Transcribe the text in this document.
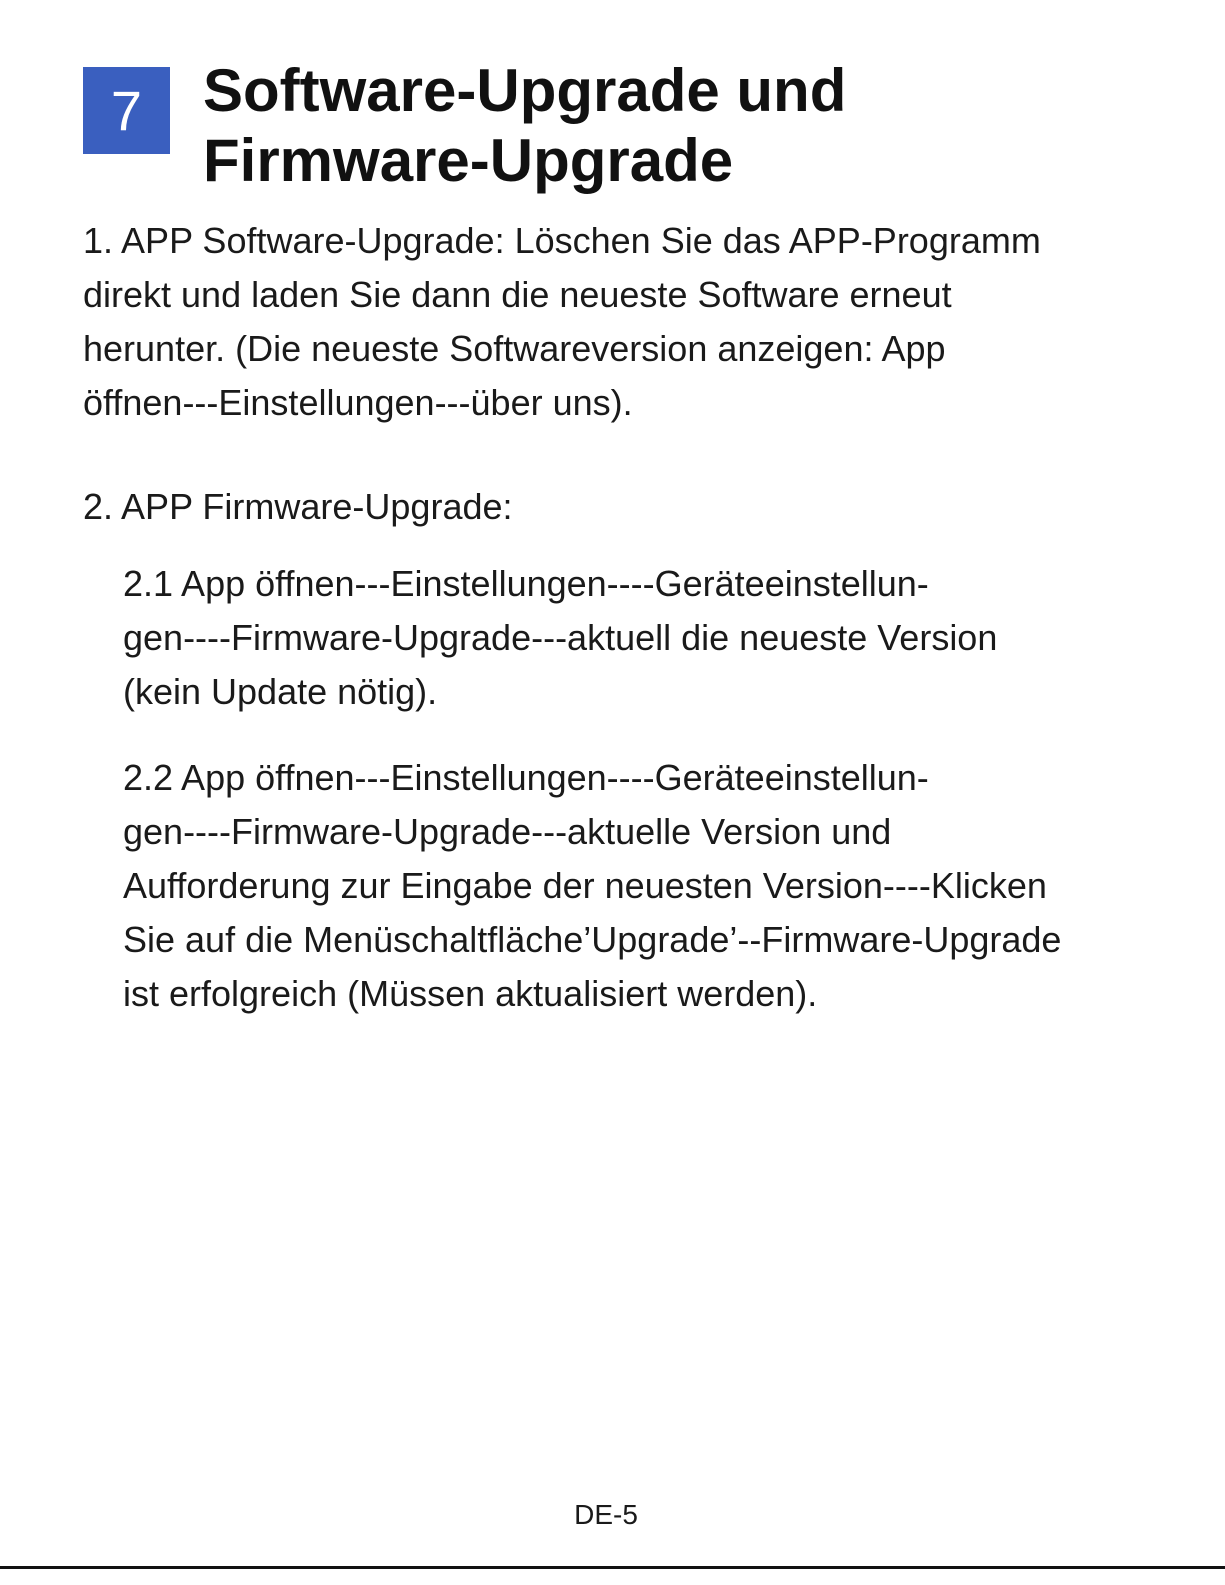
7	Software-Upgrade und
Firmware-Upgrade

1. APP Software-Upgrade: Löschen Sie das APP-Programm
direkt und laden Sie dann die neueste Software erneut
herunter. (Die neueste Softwareversion anzeigen: App
öffnen---Einstellungen---über uns).

2. APP Firmware-Upgrade:

2.1 App öffnen---Einstellungen----Geräteeinstellun-
gen----Firmware-Upgrade---aktuell die neueste Version
(kein Update nötig).

2.2 App öffnen---Einstellungen----Geräteeinstellun-
gen----Firmware-Upgrade---aktuelle Version und
Aufforderung zur Eingabe der neuesten Version----Klicken
Sie auf die Menüschaltfläche’Upgrade’--Firmware-Upgrade
ist erfolgreich (Müssen aktualisiert werden).

DE-5
